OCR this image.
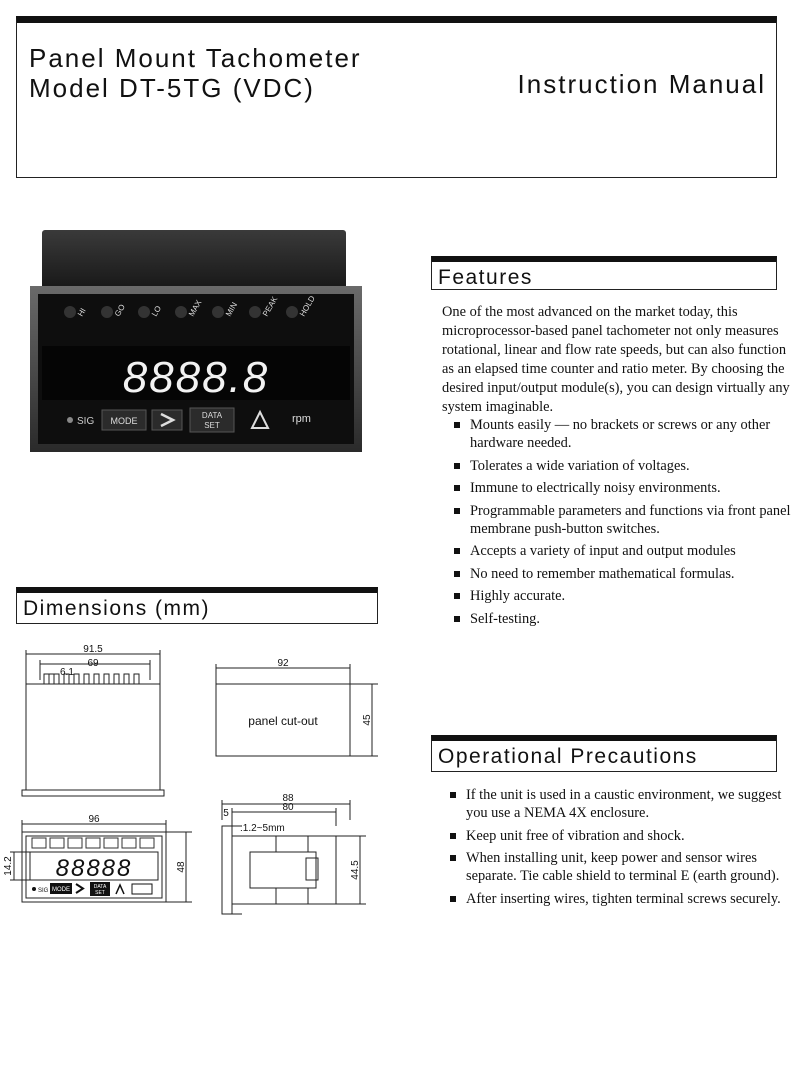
Panel Mount Tachometer
Model DT-5TG (VDC)	Instruction Manual
HI	GO	LO	MAX	MIN	PEAK HOLD
8888.8
SIG MODE
DATA
SET
rpm
Features
One of the most advanced on the market today, this microprocessor-based panel tachometer not only measures rotational, linear and flow rate speeds, but can also function as an elapsed time counter and ratio meter. By choosing the desired input/output module(s), you can design virtually any system imaginable.
Mounts easily — no brackets or screws or any other hardware needed.
Tolerates a wide variation of voltages.
Immune to electrically noisy environments.
Programmable parameters and functions via front panel membrane push-button switches.
Accepts a variety of input and output modules
No need to remember mathematical formulas.
Highly accurate.
Self-testing.
Dimensions (mm)
91.5
69
6.1
92
panel cut-out	45
96
48
14.2 88888
SIG MODE	DATA
SET
88
80
5
:1.2~5mm
44.5
Operational Precautions
If the unit is used in a caustic environment, we suggest you use a NEMA 4X enclosure.
Keep unit free of vibration and shock.
When installing unit, keep power and sensor wires separate. Tie cable shield to terminal E (earth ground).
After inserting wires, tighten terminal screws securely.
